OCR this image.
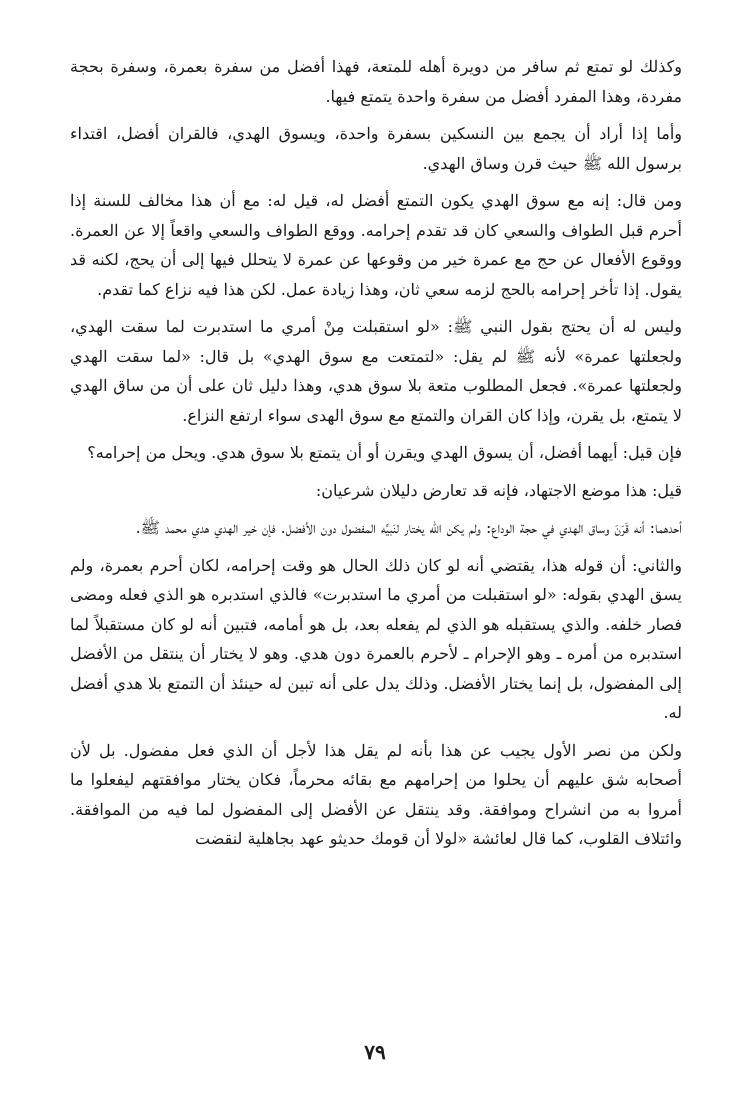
وكذلك لو تمتع ثم سافر من دويرة أهله للمتعة، فهذا أفضل من سفرة بعمرة، وسفرة بحجة مفردة، وهذا المفرد أفضل من سفرة واحدة يتمتع فيها.

وأما إذا أراد أن يجمع بين النسكين بسفرة واحدة، ويسوق الهدي، فالقران أفضل، اقتداء برسول الله ﷺ حيث قرن وساق الهدي.

ومن قال: إنه مع سوق الهدي يكون التمتع أفضل له، قيل له: مع أن هذا مخالف للسنة إذا أحرم قبل الطواف والسعي كان قد تقدم إحرامه. ووقع الطواف والسعي واقعاً إلا عن العمرة. ووقوع الأفعال عن حج مع عمرة خير من وقوعها عن عمرة لا يتحلل فيها إلى أن يحج، لكنه قد يقول. إذا تأخر إحرامه بالحج لزمه سعي ثان، وهذا زيادة عمل. لكن هذا فيه نزاع كما تقدم.

وليس له أن يحتج بقول النبي ﷺ: «لو استقبلت مِنْ أمري ما استدبرت لما سقت الهدي، ولجعلتها عمرة» لأنه ﷺ لم يقل: «لتمتعت مع سوق الهدي» بل قال: «لما سقت الهدي ولجعلتها عمرة». فجعل المطلوب متعة بلا سوق هدي، وهذا دليل ثان على أن من ساق الهدي لا يتمتع، بل يقرن، وإذا كان القران والتمتع مع سوق الهدى سواء ارتفع النزاع.

فإن قيل: أيهما أفضل، أن يسوق الهدي ويقرن أو أن يتمتع بلا سوق هدي. ويحل من إحرامه؟

قيل: هذا موضع الاجتهاد، فإنه قد تعارض دليلان شرعيان:

أحدهما: أنه قَرَنَ وساق الهدي في حجة الوداع: ولم يكن الله يختار لنَبيِّه المفضول دون الأفضل. فإن خير الهدي هدي محمد ﷺ.

والثاني: أن قوله هذا، يقتضي أنه لو كان ذلك الحال هو وقت إحرامه، لكان أحرم بعمرة، ولم يسق الهدي بقوله: «لو استقبلت من أمري ما استدبرت» فالذي استدبره هو الذي فعله ومضى فصار خلفه. والذي يستقبله هو الذي لم يفعله بعد، بل هو أمامه، فتبين أنه لو كان مستقبلاً لما استدبره من أمره ـ وهو الإحرام ـ لأحرم بالعمرة دون هدي. وهو لا يختار أن ينتقل من الأفضل إلى المفضول، بل إنما يختار الأفضل. وذلك يدل على أنه تبين له حينئذ أن التمتع بلا هدي أفضل له.

ولكن من نصر الأول يجيب عن هذا بأنه لم يقل هذا لأجل أن الذي فعل مفضول. بل لأن أصحابه شق عليهم أن يحلوا من إحرامهم مع بقائه محرماً، فكان يختار موافقتهم ليفعلوا ما أمروا به من انشراح وموافقة. وقد ينتقل عن الأفضل إلى المفضول لما فيه من الموافقة. وائتلاف القلوب، كما قال لعائشة «لولا أن قومك حديثو عهد بجاهلية لنقضت

٧٩
